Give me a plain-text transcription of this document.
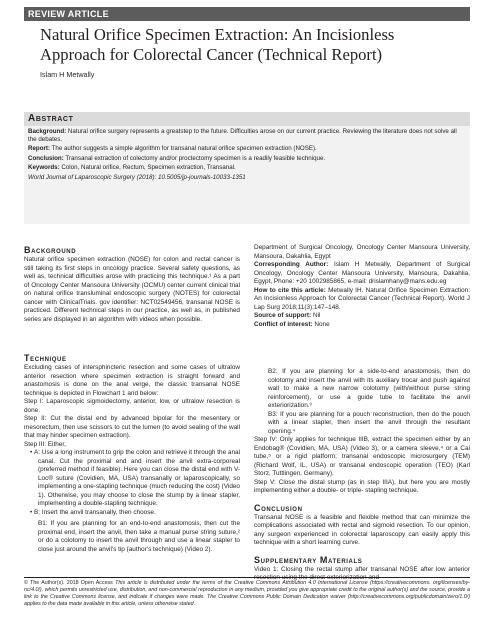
REVIEW ARTICLE
Natural Orifice Specimen Extraction: An Incisionless Approach for Colorectal Cancer (Technical Report)
Islam H Metwally
Abstract

Background: Natural orifice surgery represents a greatstep to the future. Difficulties arose on our current practice. Reviewing the literature does not solve all the debates.

Report: The author suggests a simple algorithm for transanal natural orifice specimen extraction (NOSE).

Conclusion: Transanal extraction of colectomy and/or proctectomy specimen is a readily feasible technique.

Keywords: Colon, Natural orifice, Rectum, Specimen extraction, Transanal.

World Journal of Laparoscopic Surgery (2018): 10.5005/jp-journals-10033-1351

Background

Natural orifice specimen extraction (NOSE) for colon and rectal cancer is still taking its first steps in oncology practice. Several safety questions, as well as, technical difficulties arose with practicing this technique.¹ As a part of Oncology Center Mansoura University (OCMU) center current clinical trial on natural orifice transluminal endoscopic surgery (NOTES) for colorectal cancer with ClinicalTrials. gov identifier: NCT02549456, transanal NOSE is practiced. Different technical steps in our practice, as well as, in published series are displayed in an algorithm with videos when possible.

Technique

Excluding cases of intersphincteric resection and some cases of ultralow anterior resection where specimen extraction is straight forward and anastomosis is done on the anal verge, the classic transanal NOSE technique is depicted in Flowchart 1 and below:

Step I: Laparoscopic sigmoidectomy, anterior, low, or ultralow resection is done.

Step II: Cut the distal end by advanced bipolar for the mesentery or mesorectum, then use scissors to cut the lumen (to avoid sealing of the wall that may hinder specimen extraction).

Step III: Either,

• A: Use a long instrument to grip the colon and retrieve it through the anal canal. Cut the proximal end and insert the anvil extra-corporeal (preferred method if feasible). Here you can close the distal end with V-Loc® suture (Covidien, MA, USA) transanally or laparoscopically, so implementing a one-stapling technique (much reducing the cost) (Video 1). Otherwise, you may choose to close the stump by a linear stapler, implementing a double-stapling technique.

• B: Insert the anvil transanally, then choose.

B1: If you are planning for an end-to-end anastomosis, then cut the proximal end, insert the anvil, then take a manual purse string suture,² or do a colotomy to insert the anvil through and use a linear stapler to close just around the anvil's tip (author's technique) (Video 2).

Department of Surgical Oncology, Oncology Center Mansoura University, Mansoura, Dakahlia, Egypt

Corresponding Author: Islam H Metwally, Department of Surgical Oncology, Oncology Center Mansoura University, Mansoura, Dakahlia, Egypt, Phone: +20 1002985865, e-mail: drislamhany@mans.edu.eg

How to cite this article: Metwally IH. Natural Orifice Specimen Extraction: An Incisionless Approach for Colorectal Cancer (Technical Report). World J Lap Surg 2018;11(3):147–148.

Source of support: Nil

Conflict of interest: None

B2: If you are planning for a side-to-end anastomosis, then do colotomy and insert the anvil with its auxiliary trocar and push against wall to make a new narrow colotomy (with/without purse string reinforcement), or use a guide tube to facilitate the anvil exteriorization.³

B3: If you are planning for a pouch reconstruction, then do the pouch with a linear stapler, then insert the anvil through the resultant opening.⁴

Step IV: Only applies for technique IIIB, extract the specimen either by an Endobag® (Covidien, MA, USA) (Video 3), or a camera sleeve,⁴ or a Cai tube,⁵ or a rigid platform; transanal endoscopic microsurgery (TEM) (Richard Wolf, IL, USA) or transanal endoscopic operation (TEO) (Karl Storz, Tuttlingen, Germany).

Step V: Close the distal stump (as in step IIIA), but here you are mostly implementing either a double- or triple- stapling technique.

Conclusion

Transanal NOSE is a feasible and flexible method that can minimize the complications associated with rectal and sigmoid resection. To our opinion, any surgeon experienced in colorectal laparoscopy can easily apply this technique with a short learning curve.

Supplementary Materials

Video 1: Closing the rectal stump after transanal NOSE after low anterior resection using the direct exteriorization and

© The Author(s). 2018 Open Access This article is distributed under the terms of the Creative Commons Attribution 4.0 International License (https://creativecommons. org/licenses/by-nc/4.0/), which permits unrestricted use, distribution, and non-commercial reproduction in any medium, provided you give appropriate credit to the original author(s) and the source, provide a link to the Creative Commons license, and indicate if changes were made. The Creative Commons Public Domain Dedication waiver (http://creativecommons.org/publicdomain/zero/1.0/) applies to the data made available in this article, unless otherwise stated.
